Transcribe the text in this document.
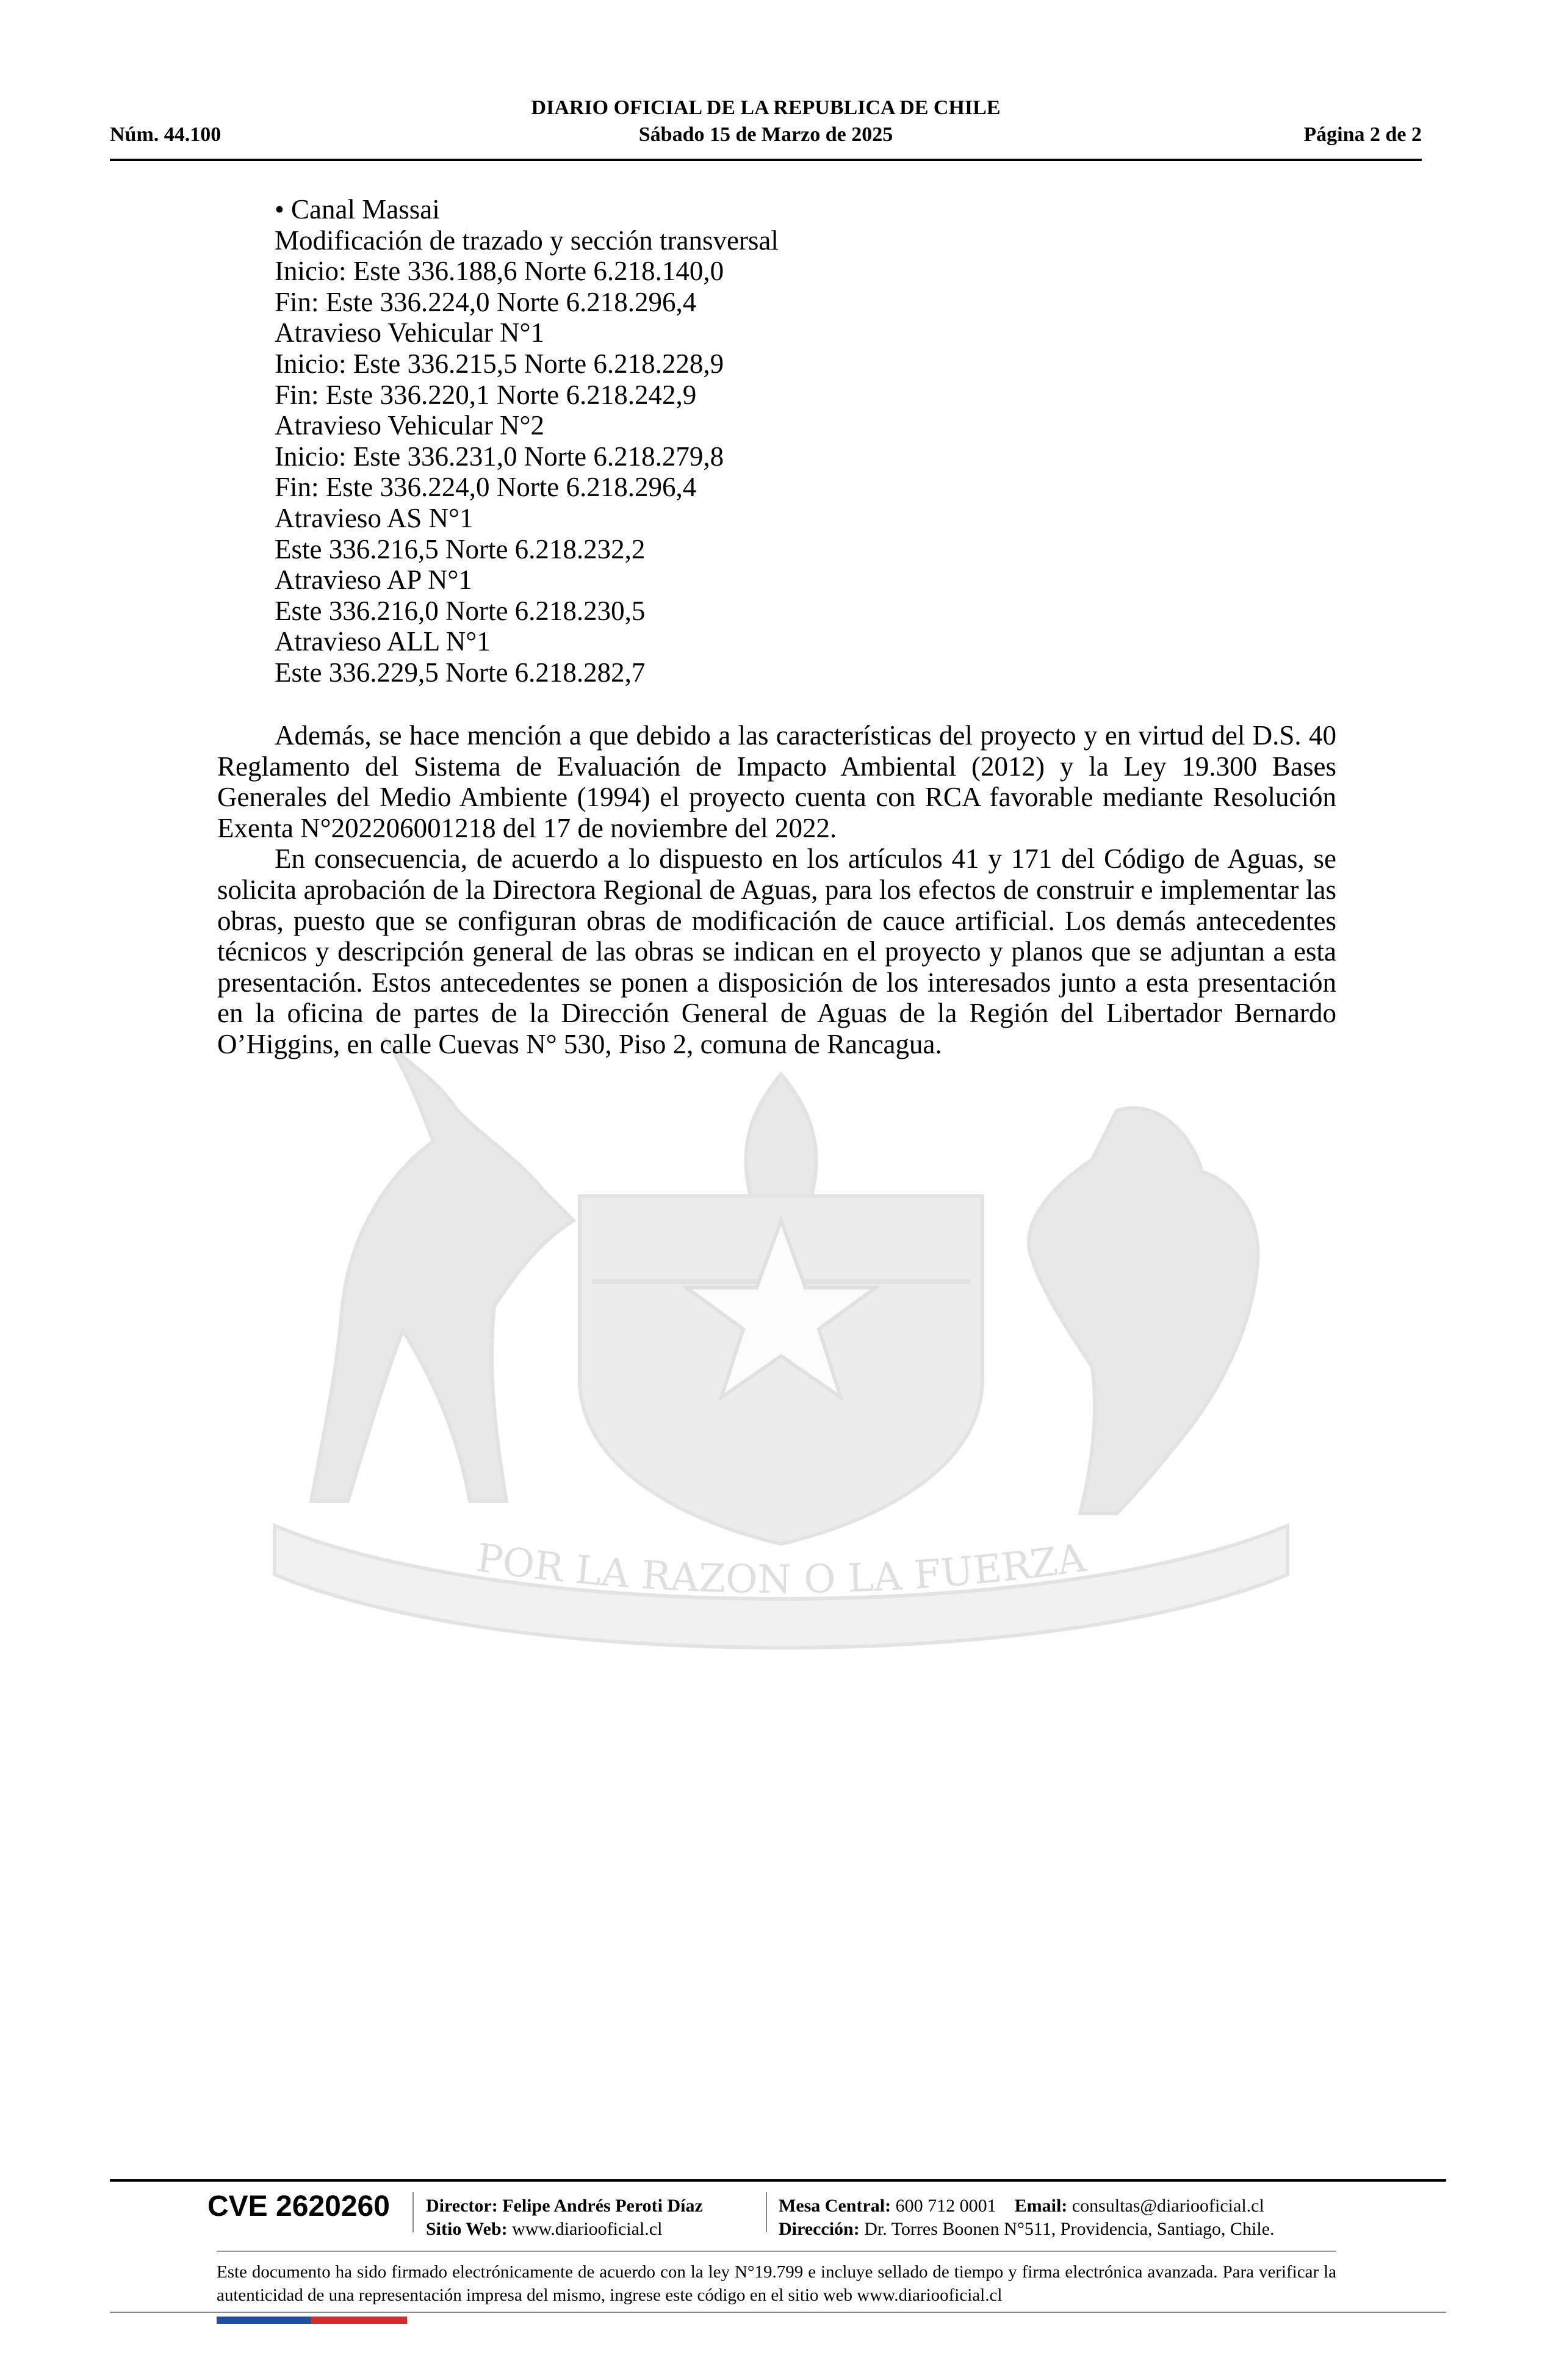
DIARIO OFICIAL DE LA REPUBLICA DE CHILE
Núm. 44.100	Sábado 15 de Marzo de 2025	Página 2 de 2
POR LA RAZON O LA FUERZA
• Canal Massai
Modificación de trazado y sección transversal
Inicio: Este 336.188,6 Norte 6.218.140,0
Fin: Este 336.224,0 Norte 6.218.296,4
Atravieso Vehicular N°1
Inicio: Este 336.215,5 Norte 6.218.228,9
Fin: Este 336.220,1 Norte 6.218.242,9
Atravieso Vehicular N°2
Inicio: Este 336.231,0 Norte 6.218.279,8
Fin: Este 336.224,0 Norte 6.218.296,4
Atravieso AS N°1
Este 336.216,5 Norte 6.218.232,2
Atravieso AP N°1
Este 336.216,0 Norte 6.218.230,5
Atravieso ALL N°1
Este 336.229,5 Norte 6.218.282,7

Además, se hace mención a que debido a las características del proyecto y en virtud del D.S. 40 Reglamento del Sistema de Evaluación de Impacto Ambiental (2012) y la Ley 19.300 Bases Generales del Medio Ambiente (1994) el proyecto cuenta con RCA favorable mediante Resolución Exenta N°202206001218 del 17 de noviembre del 2022.

En consecuencia, de acuerdo a lo dispuesto en los artículos 41 y 171 del Código de Aguas, se solicita aprobación de la Directora Regional de Aguas, para los efectos de construir e implementar las obras, puesto que se configuran obras de modificación de cauce artificial. Los demás antecedentes técnicos y descripción general de las obras se indican en el proyecto y planos que se adjuntan a esta presentación. Estos antecedentes se ponen a disposición de los interesados junto a esta presentación en la oficina de partes de la Dirección General de Aguas de la Región del Libertador Bernardo O’Higgins, en calle Cuevas N° 530, Piso 2, comuna de Rancagua.

CVE 2620260 Director: Felipe Andrés Peroti Díaz
Sitio Web: www.diariooficial.cl
Mesa Central: 600 712 0001 Email: consultas@diariooficial.cl
Dirección: Dr. Torres Boonen N°511, Providencia, Santiago, Chile.
Este documento ha sido firmado electrónicamente de acuerdo con la ley N°19.799 e incluye sellado de tiempo y firma electrónica avanzada. Para verificar la autenticidad de una representación impresa del mismo, ingrese este código en el sitio web www.diariooficial.cl
